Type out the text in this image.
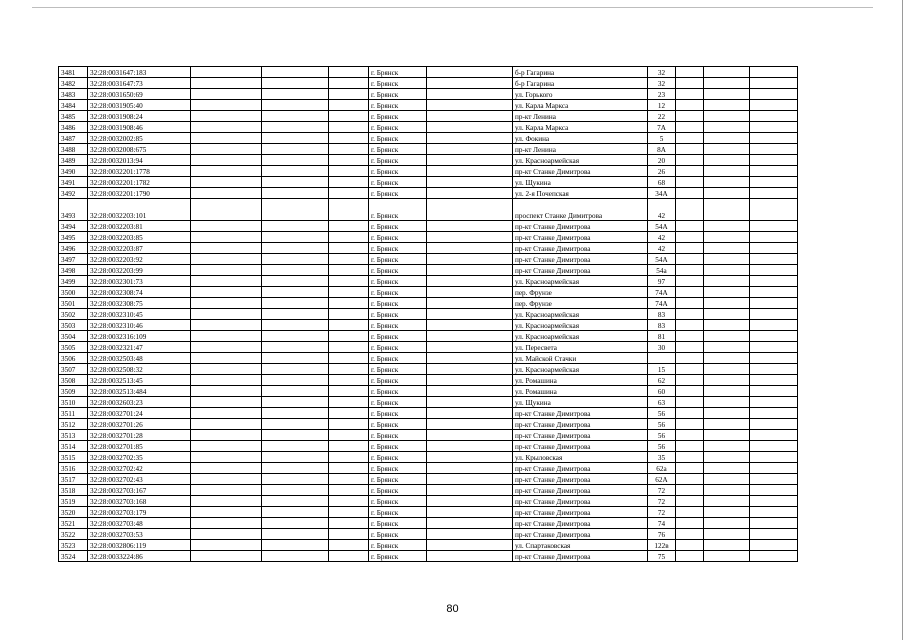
3481	32:28:0031647:183				г. Брянск		б-р Гагарина	32			
3482	32:28:0031647:73				г. Брянск		б-р Гагарина	32			
3483	32:28:0031650:69				г. Брянск		ул. Горького	23			
3484	32:28:0031905:40				г. Брянск		ул. Карла Маркса	12			
3485	32:28:0031908:24				г. Брянск		пр-кт Ленина	22			
3486	32:28:0031908:46				г. Брянск		ул. Карла Маркса	7А			
3487	32:28:0032002:85				г. Брянск		ул. Фокина	5			
3488	32:28:0032008:675				г. Брянск		пр-кт Ленина	8А			
3489	32:28:0032013:94				г. Брянск		ул. Красноармейская	20			
3490	32:28:0032201:1778				г. Брянск		пр-кт Станке Димитрова	26			
3491	32:28:0032201:1782				г. Брянск		ул. Щукина	68			
3492	32:28:0032201:1790				г. Брянск		ул. 2-я Почепская	34А			
3493	32:28:0032203:101				г. Брянск		проспект Станке Димитрова	42			
3494	32:28:0032203:81				г. Брянск		пр-кт Станке Димитрова	54А			
3495	32:28:0032203:85				г. Брянск		пр-кт Станке Димитрова	42			
3496	32:28:0032203:87				г. Брянск		пр-кт Станке Димитрова	42			
3497	32:28:0032203:92				г. Брянск		пр-кт Станке Димитрова	54А			
3498	32:28:0032203:99				г. Брянск		пр-кт Станке Димитрова	54а			
3499	32:28:0032301:73				г. Брянск		ул. Красноармейская	97			
3500	32:28:0032308:74				г. Брянск		пер. Фрунзе	74А			
3501	32:28:0032308:75				г. Брянск		пер. Фрунзе	74А			
3502	32:28:0032310:45				г. Брянск		ул. Красноармейская	83			
3503	32:28:0032310:46				г. Брянск		ул. Красноармейская	83			
3504	32:28:0032316:109				г. Брянск		ул. Красноармейская	81			
3505	32:28:0032321:47				г. Брянск		ул. Пересвета	30			
3506	32:28:0032503:48				г. Брянск		ул. Майской Стачки				
3507	32:28:0032508:32				г. Брянск		ул. Красноармейская	15			
3508	32:28:0032513:45				г. Брянск		ул. Ромашина	62			
3509	32:28:0032513:484				г. Брянск		ул. Ромашина	60			
3510	32:28:0032603:23				г. Брянск		ул. Щукина	63			
3511	32:28:0032701:24				г. Брянск		пр-кт Станке Димитрова	56			
3512	32:28:0032701:26				г. Брянск		пр-кт Станке Димитрова	56			
3513	32:28:0032701:28				г. Брянск		пр-кт Станке Димитрова	56			
3514	32:28:0032701:85				г. Брянск		пр-кт Станке Димитрова	56			
3515	32:28:0032702:35				г. Брянск		ул. Крыловская	35			
3516	32:28:0032702:42				г. Брянск		пр-кт Станке Димитрова	62а			
3517	32:28:0032702:43				г. Брянск		пр-кт Станке Димитрова	62А			
3518	32:28:0032703:167				г. Брянск		пр-кт Станке Димитрова	72			
3519	32:28:0032703:168				г. Брянск		пр-кт Станке Димитрова	72			
3520	32:28:0032703:179				г. Брянск		пр-кт Станке Димитрова	72			
3521	32:28:0032703:48				г. Брянск		пр-кт Станке Димитрова	74			
3522	32:28:0032703:53				г. Брянск		пр-кт Станке Димитрова	76			
3523	32:28:0032806:119				г. Брянск		ул. Спартаковская	122в			
3524	32:28:0033224:86				г. Брянск		пр-кт Станке Димитрова	75			
80
